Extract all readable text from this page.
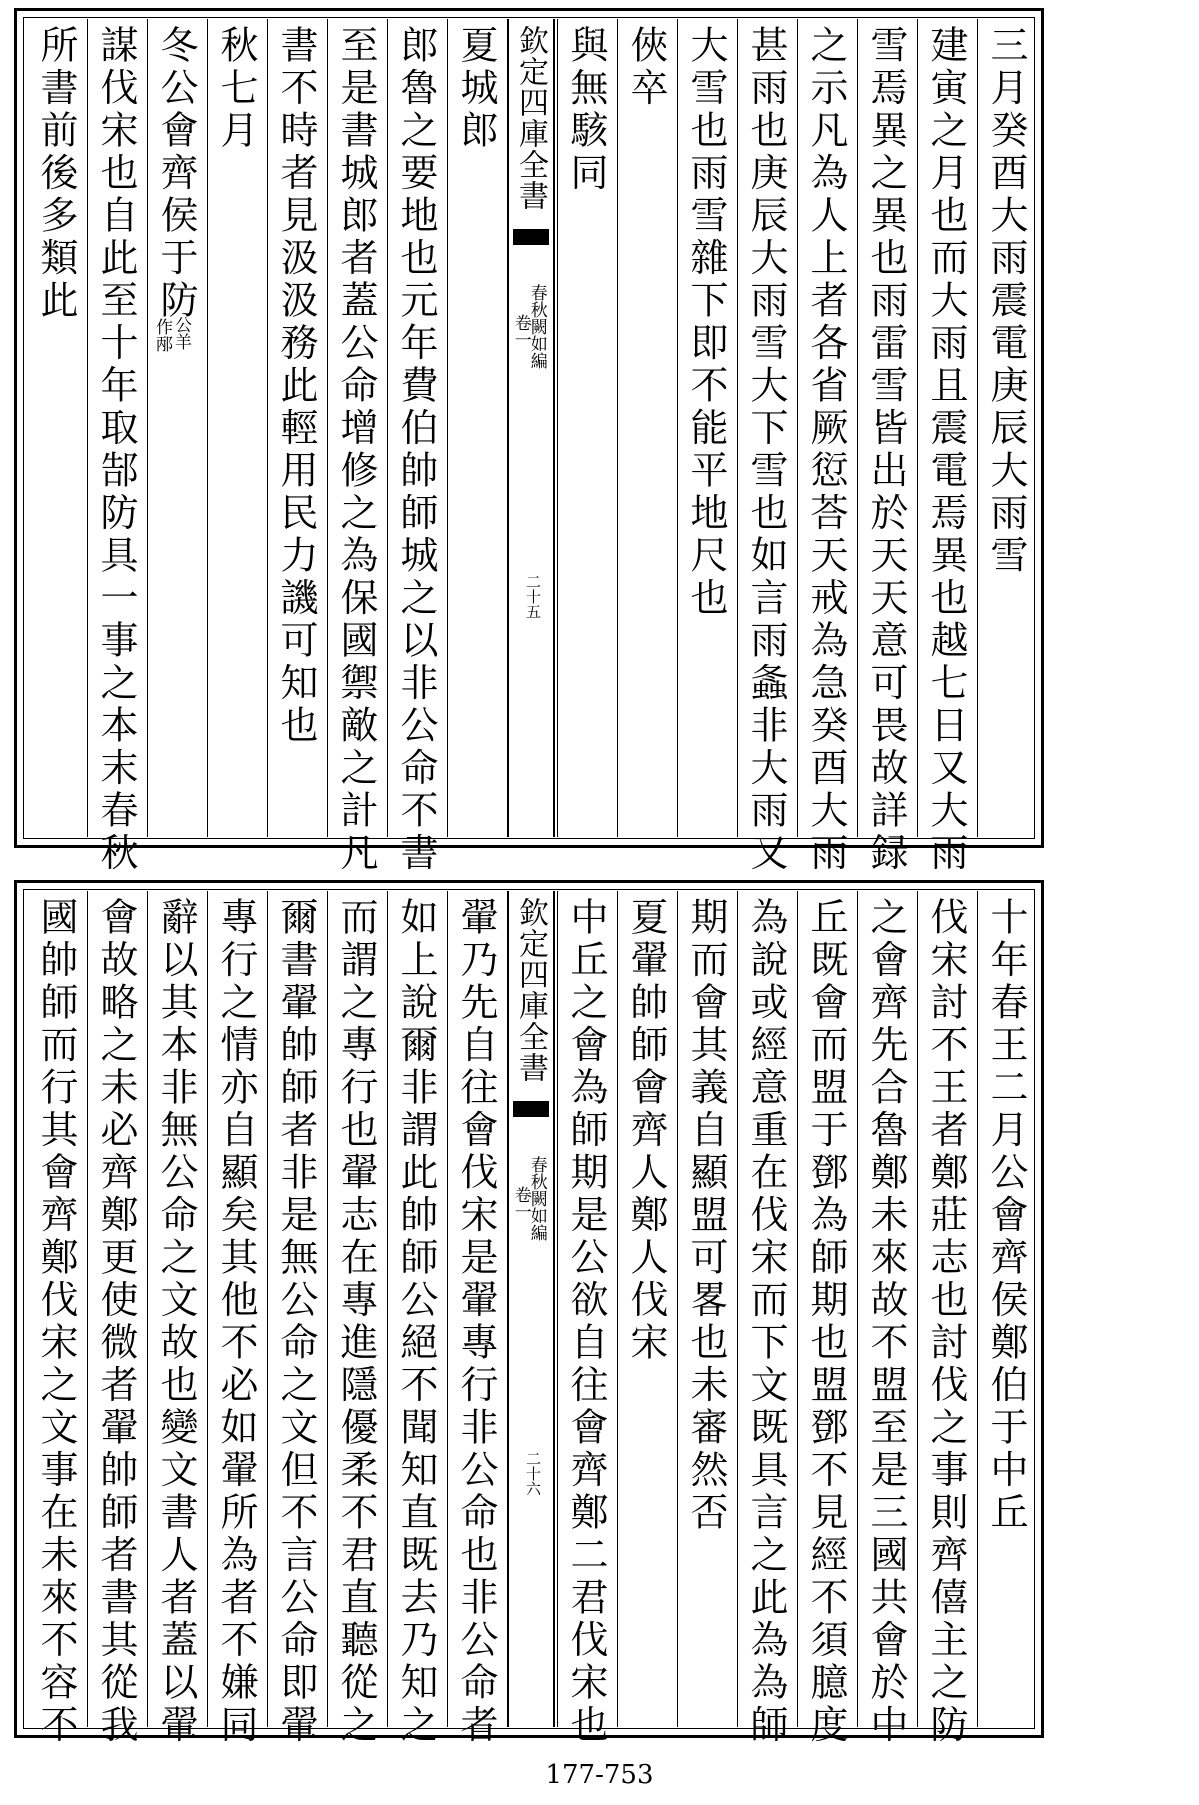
三月癸酉大雨震電庚辰大雨雪
建寅之月也而大雨且震電焉異也越七日又大雨
雪焉異之異也雨雷雪皆出於天天意可畏故詳録
之示凡為人上者各省厥愆荅天戒為急癸酉大雨
甚雨也庚辰大雨雪大下雪也如言雨螽非大雨又
大雪也雨雪雜下即不能平地尺也
俠卒
與無駭同
欽定四庫全書
春秋闕如編
卷一
二十五
夏城郎
郎魯之要地也元年費伯帥師城之以非公命不書
至是書城郎者蓋公命增修之為保國禦敵之計凡
書不時者見汲汲務此輕用民力譏可知也
秋七月
冬公會齊侯于防
謀伐宋也自此至十年取郜防具一事之本末春秋
所書前後多類此
公羊
作邴
十年春王二月公會齊侯鄭伯于中丘
伐宋討不王者鄭莊志也討伐之事則齊僖主之防
之會齊先合魯鄭未來故不盟至是三國共會於中
丘既會而盟于鄧為師期也盟鄧不見經不須臆度
為說或經意重在伐宋而下文既具言之此為為師
期而會其義自顯盟可畧也未審然否
夏翬帥師會齊人鄭人伐宋
中丘之會為師期是公欲自往會齊鄭二君伐宋也
欽定四庫全書
春秋闕如編
卷一
二十六
翬乃先自往會伐宋是翬專行非公命也非公命者
如上說爾非謂此帥師公絕不聞知直既去乃知之
而謂之專行也翬志在專進隱優柔不君直聽從之
爾書翬帥師者非是無公命之文但不言公命即翬
專行之情亦自顯矣其他不必如翬所為者不嫌同
辭以其本非無公命之文故也變文書人者蓋以翬
會故略之未必齊鄭更使微者翬帥師者書其從我
國帥師而行其會齊鄭伐宋之文事在未來不容不
177-753
